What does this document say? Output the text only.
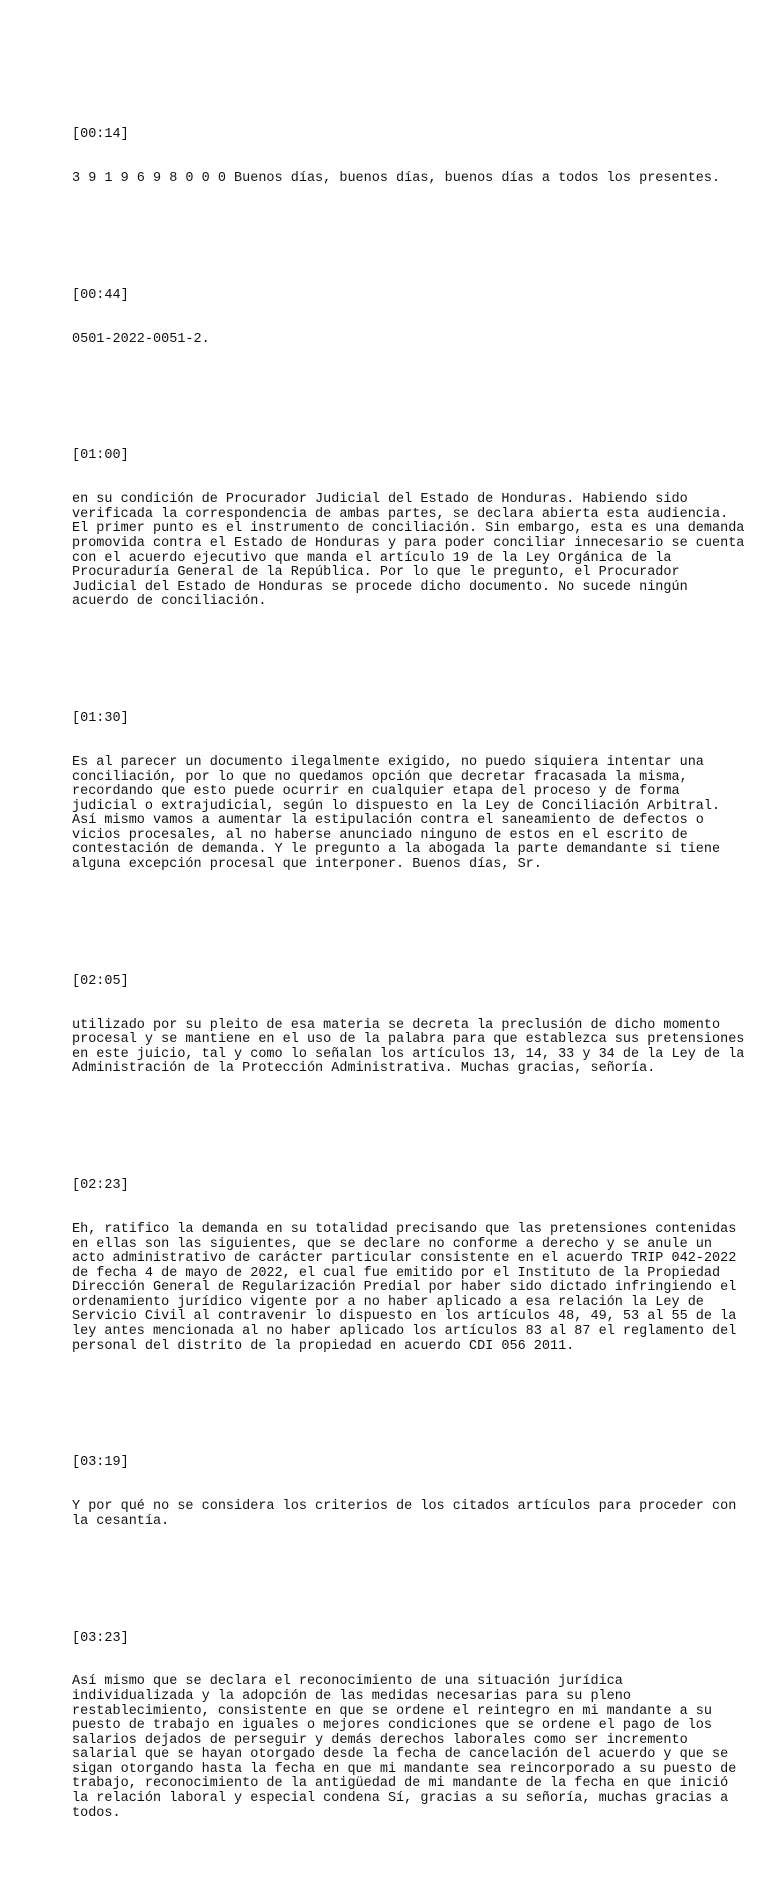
[00:14]

3 9 1 9 6 9 8 0 0 0 Buenos días, buenos días, buenos días a todos los presentes.

[00:44]

0501-2022-0051-2.

[01:00]

en su condición de Procurador Judicial del Estado de Honduras. Habiendo sido
verificada la correspondencia de ambas partes, se declara abierta esta audiencia.
El primer punto es el instrumento de conciliación. Sin embargo, esta es una demanda
promovida contra el Estado de Honduras y para poder conciliar innecesario se cuenta
con el acuerdo ejecutivo que manda el artículo 19 de la Ley Orgánica de la
Procuraduría General de la República. Por lo que le pregunto, el Procurador
Judicial del Estado de Honduras se procede dicho documento. No sucede ningún
acuerdo de conciliación.

[01:30]

Es al parecer un documento ilegalmente exigido, no puedo siquiera intentar una
conciliación, por lo que no quedamos opción que decretar fracasada la misma,
recordando que esto puede ocurrir en cualquier etapa del proceso y de forma
judicial o extrajudicial, según lo dispuesto en la Ley de Conciliación Arbitral.
Así mismo vamos a aumentar la estipulación contra el saneamiento de defectos o
vicios procesales, al no haberse anunciado ninguno de estos en el escrito de
contestación de demanda. Y le pregunto a la abogada la parte demandante si tiene
alguna excepción procesal que interponer. Buenos días, Sr.

[02:05]

utilizado por su pleito de esa materia se decreta la preclusión de dicho momento
procesal y se mantiene en el uso de la palabra para que establezca sus pretensiones
en este juicio, tal y como lo señalan los artículos 13, 14, 33 y 34 de la Ley de la
Administración de la Protección Administrativa. Muchas gracias, señoría.

[02:23]

Eh, ratifico la demanda en su totalidad precisando que las pretensiones contenidas
en ellas son las siguientes, que se declare no conforme a derecho y se anule un
acto administrativo de carácter particular consistente en el acuerdo TRIP 042-2022
de fecha 4 de mayo de 2022, el cual fue emitido por el Instituto de la Propiedad
Dirección General de Regularización Predial por haber sido dictado infringiendo el
ordenamiento jurídico vigente por a no haber aplicado a esa relación la Ley de
Servicio Civil al contravenir lo dispuesto en los artículos 48, 49, 53 al 55 de la
ley antes mencionada al no haber aplicado los artículos 83 al 87 el reglamento del
personal del distrito de la propiedad en acuerdo CDI 056 2011.

[03:19]

Y por qué no se considera los criterios de los citados artículos para proceder con
la cesantía.

[03:23]

Así mismo que se declara el reconocimiento de una situación jurídica
individualizada y la adopción de las medidas necesarias para su pleno
restablecimiento, consistente en que se ordene el reintegro en mi mandante a su
puesto de trabajo en iguales o mejores condiciones que se ordene el pago de los
salarios dejados de perseguir y demás derechos laborales como ser incremento
salarial que se hayan otorgado desde la fecha de cancelación del acuerdo y que se
sigan otorgando hasta la fecha en que mi mandante sea reincorporado a su puesto de
trabajo, reconocimiento de la antigüedad de mi mandante de la fecha en que inició
la relación laboral y especial condena Sí, gracias a su señoría, muchas gracias a
todos.
